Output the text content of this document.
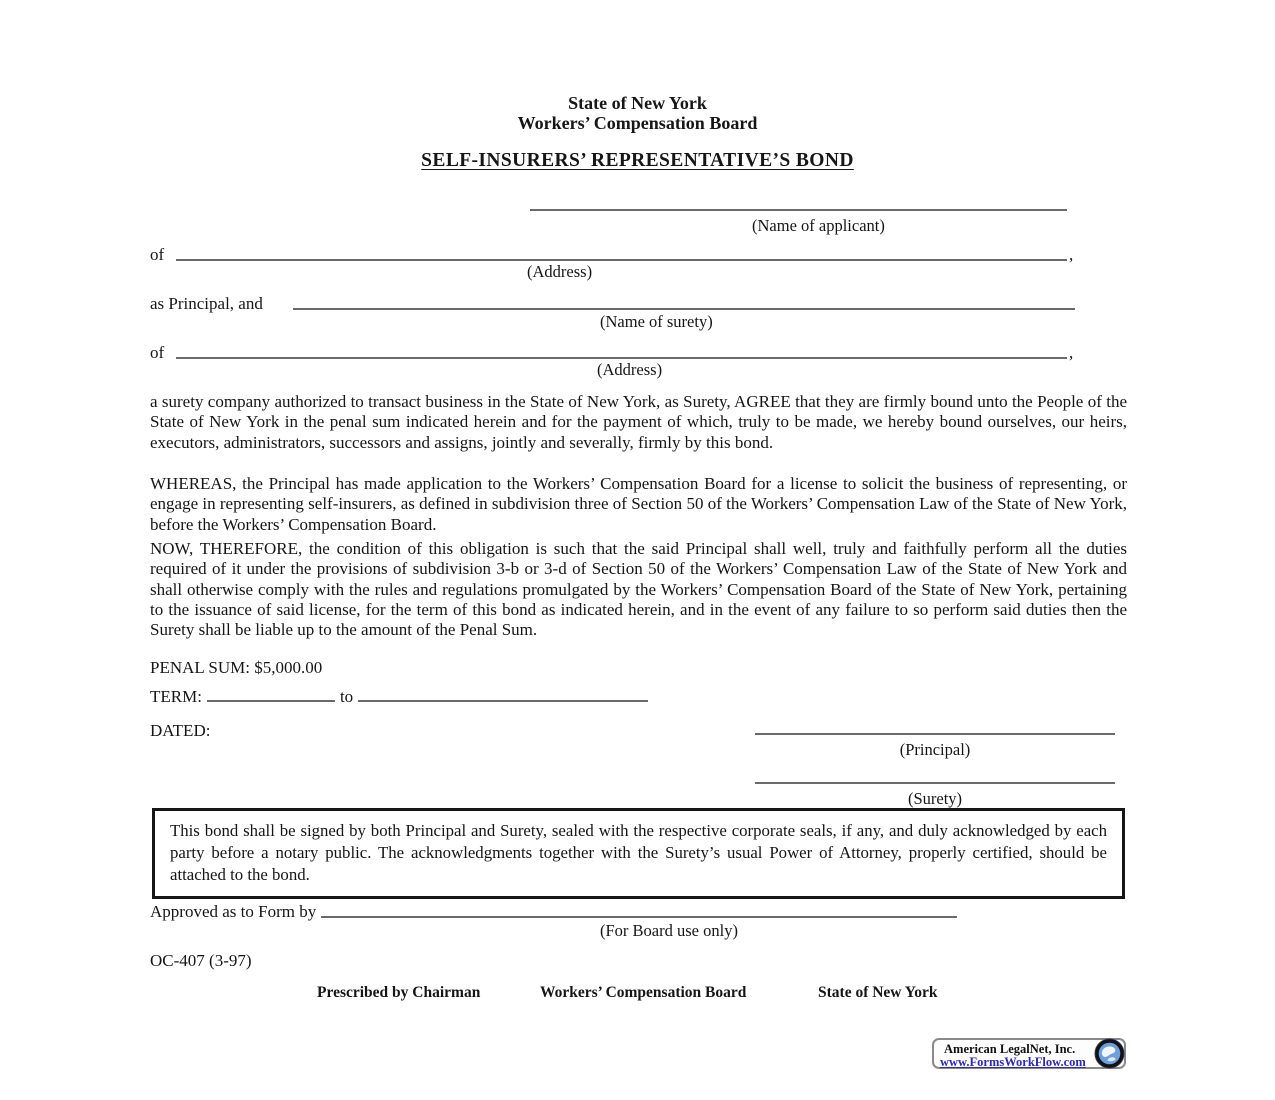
State of New York
Workers’ Compensation Board
SELF-INSURERS’ REPRESENTATIVE’S BOND
(Name of applicant)
of	,
(Address)
as Principal, and
(Name of surety)
of	,
(Address)
a surety company authorized to transact business in the State of New York, as Surety, AGREE that they are firmly bound unto the People of the State of New York in the penal sum indicated herein and for the payment of which, truly to be made, we hereby bound ourselves, our heirs, executors, administrators, successors and assigns, jointly and severally, firmly by this bond.
WHEREAS, the Principal has made application to the Workers’ Compensation Board for a license to solicit the business of representing, or engage in representing self-insurers, as defined in subdivision three of Section 50 of the Workers’ Compensation Law of the State of New York, before the Workers’ Compensation Board.
NOW, THEREFORE, the condition of this obligation is such that the said Principal shall well, truly and faithfully perform all the duties required of it under the provisions of subdivision 3-b or 3-d of Section 50 of the Workers’ Compensation Law of the State of New York and shall otherwise comply with the rules and regulations promulgated by the Workers’ Compensation Board of the State of New York, pertaining to the issuance of said license, for the term of this bond as indicated herein, and in the event of any failure to so perform said duties then the Surety shall be liable up to the amount of the Penal Sum.
PENAL SUM: $5,000.00
TERM:	to
DATED:
(Principal)
(Surety)
This bond shall be signed by both Principal and Surety, sealed with the respective corporate seals, if any, and duly acknowledged by each party before a notary public. The acknowledgments together with the Surety’s usual Power of Attorney, properly certified, should be attached to the bond.
Approved as to Form by
(For Board use only)
OC-407 (3-97)
Prescribed by Chairman	Workers’ Compensation Board	State of New York
American LegalNet, Inc.
www.FormsWorkFlow.com
